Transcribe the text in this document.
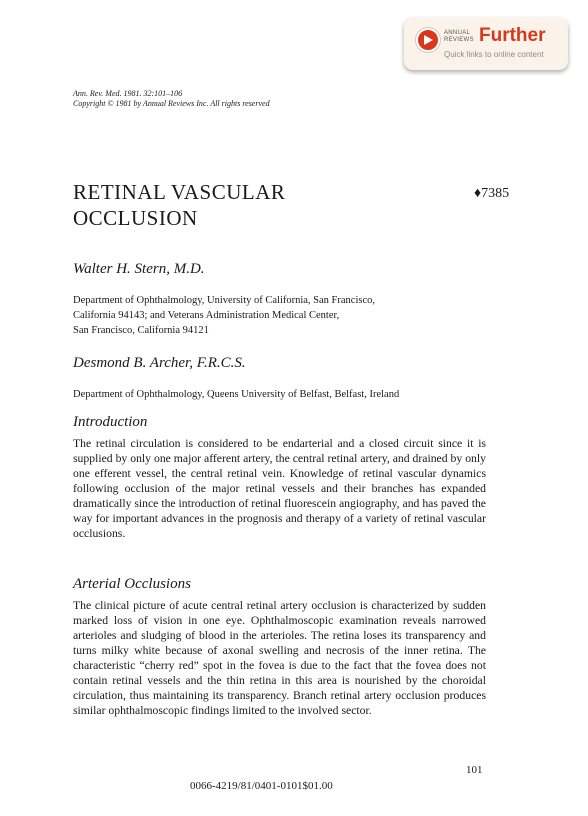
ANNUAL
REVIEWS Further
Quick links to online content
Ann. Rev. Med. 1981. 32:101–106
Copyright © 1981 by Annual Reviews Inc. All rights reserved
RETINAL VASCULAR
OCCLUSION
♦7385
Walter H. Stern, M.D.
Department of Ophthalmology, University of California, San Francisco,
California 94143; and Veterans Administration Medical Center,
San Francisco, California 94121
Desmond B. Archer, F.R.C.S.
Department of Ophthalmology, Queens University of Belfast, Belfast, Ireland
Introduction

The retinal circulation is considered to be endarterial and a closed circuit since it is supplied by only one major afferent artery, the central retinal artery, and drained by only one efferent vessel, the central retinal vein. Knowledge of retinal vascular dynamics following occlusion of the major retinal vessels and their branches has expanded dramatically since the introduction of retinal fluorescein angiography, and has paved the way for important advances in the prognosis and therapy of a variety of retinal vascular occlusions.

Arterial Occlusions

The clinical picture of acute central retinal artery occlusion is characterized by sudden marked loss of vision in one eye. Ophthalmoscopic examination reveals narrowed arterioles and sludging of blood in the arterioles. The retina loses its transparency and turns milky white because of axonal swelling and necrosis of the inner retina. The characteristic “cherry red” spot in the fovea is due to the fact that the fovea does not contain retinal vessels and the thin retina in this area is nourished by the choroidal circulation, thus maintaining its transparency. Branch retinal artery occlusion produces similar ophthalmoscopic findings limited to the involved sector.

101
0066-4219/81/0401-0101$01.00
